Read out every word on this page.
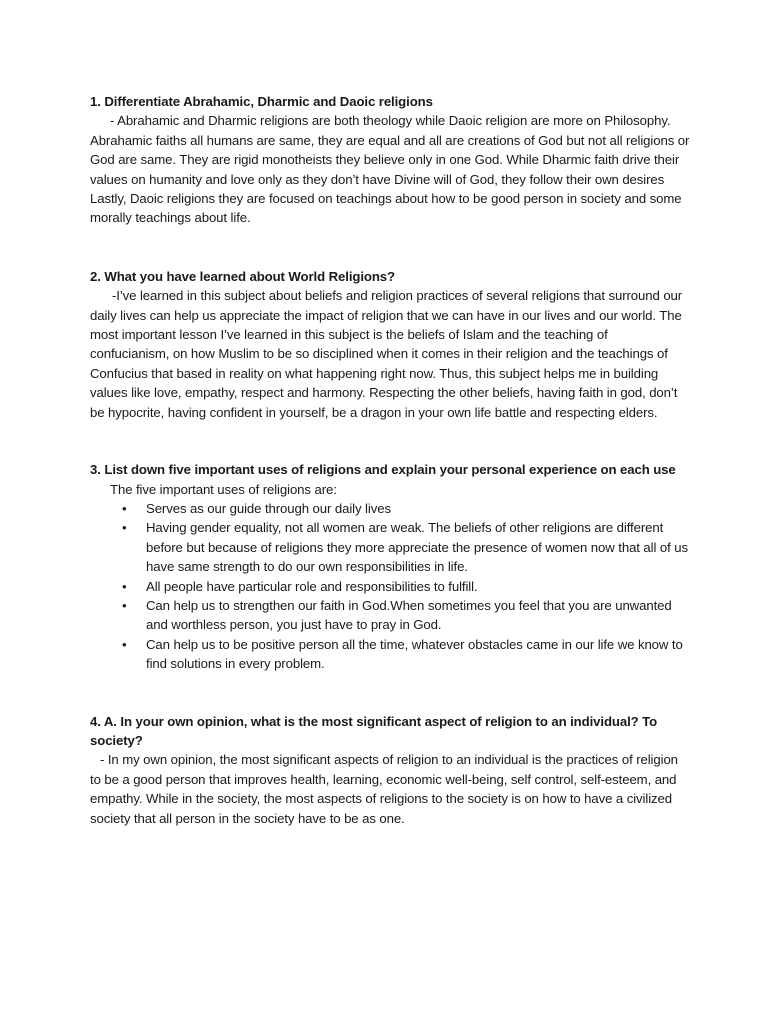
1. Differentiate Abrahamic, Dharmic and Daoic religions

- Abrahamic and Dharmic religions are both theology while Daoic religion are more on Philosophy. Abrahamic faiths all humans are same, they are equal and all are creations of God but not all religions or God are same. They are rigid monotheists they believe only in one God. While Dharmic faith drive their values on humanity and love only as they don’t have Divine will of God, they follow their own desires Lastly, Daoic religions they are focused on teachings about how to be good person in society and some morally teachings about life.

2. What you have learned about World Religions?

-I’ve learned in this subject about beliefs and religion practices of several religions that surround our daily lives can help us appreciate the impact of religion that we can have in our lives and our world. The most important lesson I’ve learned in this subject is the beliefs of Islam and the teaching of confucianism, on how Muslim to be so disciplined when it comes in their religion and the teachings of Confucius that based in reality on what happening right now. Thus, this subject helps me in building values like love, empathy, respect and harmony. Respecting the other beliefs, having faith in god, don’t be hypocrite, having confident in yourself, be a dragon in your own life battle and respecting elders.

3. List down five important uses of religions and explain your personal experience on each use

The five important uses of religions are:

• Serves as our guide through our daily lives
• Having gender equality, not all women are weak. The beliefs of other religions are different before but because of religions they more appreciate the presence of women now that all of us have same strength to do our own responsibilities in life.
• All people have particular role and responsibilities to fulfill.
• Can help us to strengthen our faith in God.When sometimes you feel that you are unwanted and worthless person, you just have to pray in God.
• Can help us to be positive person all the time, whatever obstacles came in our life we know to find solutions in every problem.

4. A. In your own opinion, what is the most significant aspect of religion to an individual? To society?

- In my own opinion, the most significant aspects of religion to an individual is the practices of religion to be a good person that improves health, learning, economic well-being, self control, self-esteem, and empathy. While in the society, the most aspects of religions to the society is on how to have a civilized society that all person in the society have to be as one.
